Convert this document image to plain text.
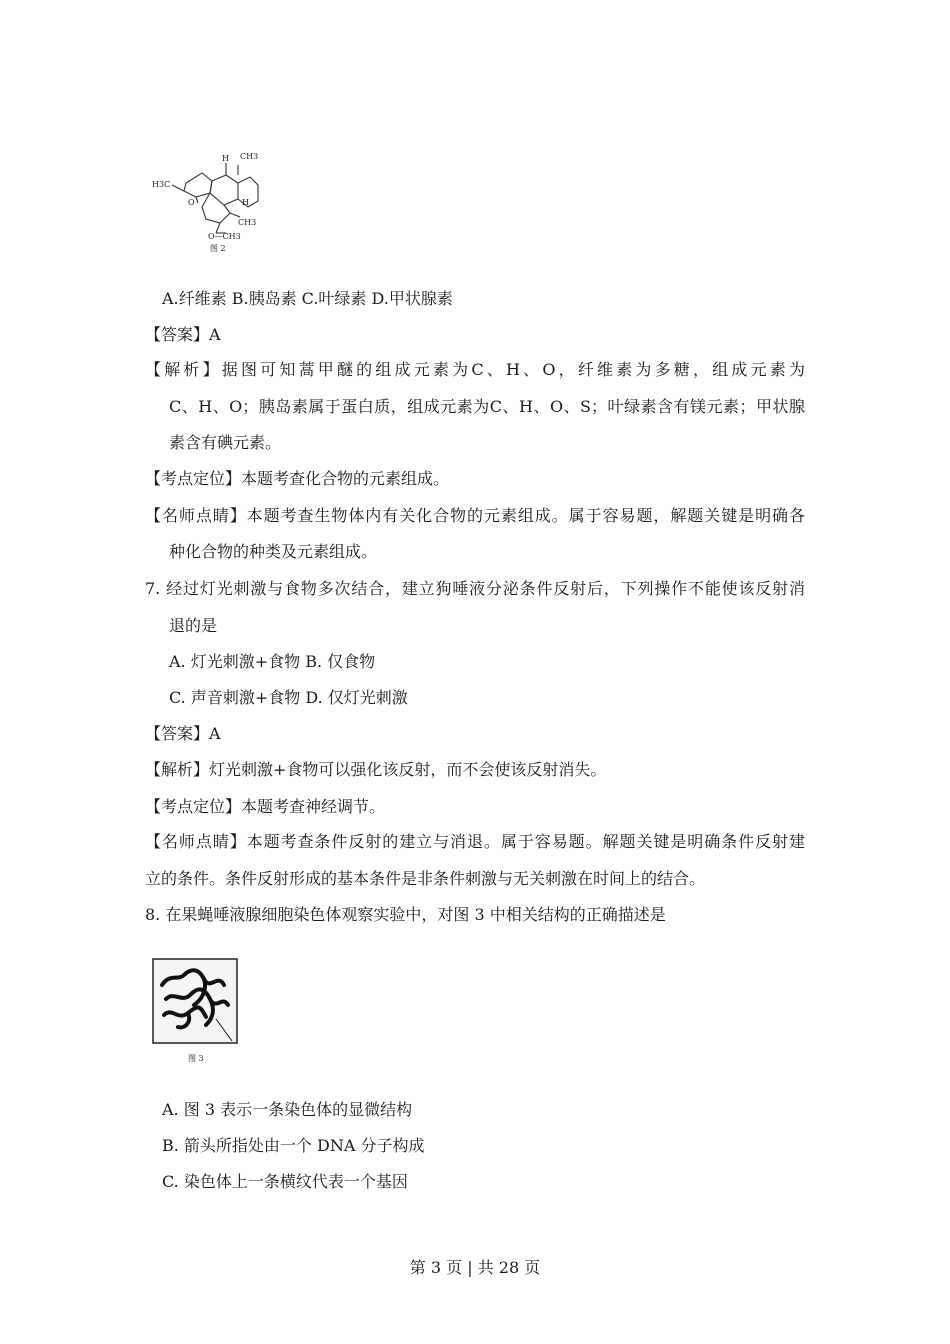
CH3
H3C
H
H
CH3
O—CH3
O
图 2
A.纤维素 B.胰岛素 C.叶绿素 D.甲状腺素
【答案】A
【解析】据图可知蒿甲醚的组成元素为C、H、O，纤维素为多糖，组成元素为
C、H、O；胰岛素属于蛋白质，组成元素为C、H、O、S；叶绿素含有镁元素；甲状腺
素含有碘元素。
【考点定位】本题考查化合物的元素组成。
【名师点睛】本题考查生物体内有关化合物的元素组成。属于容易题，解题关键是明确各
种化合物的种类及元素组成。
7. 经过灯光刺激与食物多次结合，建立狗唾液分泌条件反射后，下列操作不能使该反射消
退的是
A. 灯光刺激+食物 B. 仅食物
C. 声音刺激+食物 D. 仅灯光刺激
【答案】A
【解析】灯光刺激+食物可以强化该反射，而不会使该反射消失。
【考点定位】本题考查神经调节。
【名师点睛】本题考查条件反射的建立与消退。属于容易题。解题关键是明确条件反射建
立的条件。条件反射形成的基本条件是非条件刺激与无关刺激在时间上的结合。
8. 在果蝇唾液腺细胞染色体观察实验中，对图 3 中相关结构的正确描述是
图 3
A. 图 3 表示一条染色体的显微结构
B. 箭头所指处由一个 DNA 分子构成
C. 染色体上一条横纹代表一个基因
第 3 页 | 共 28 页
